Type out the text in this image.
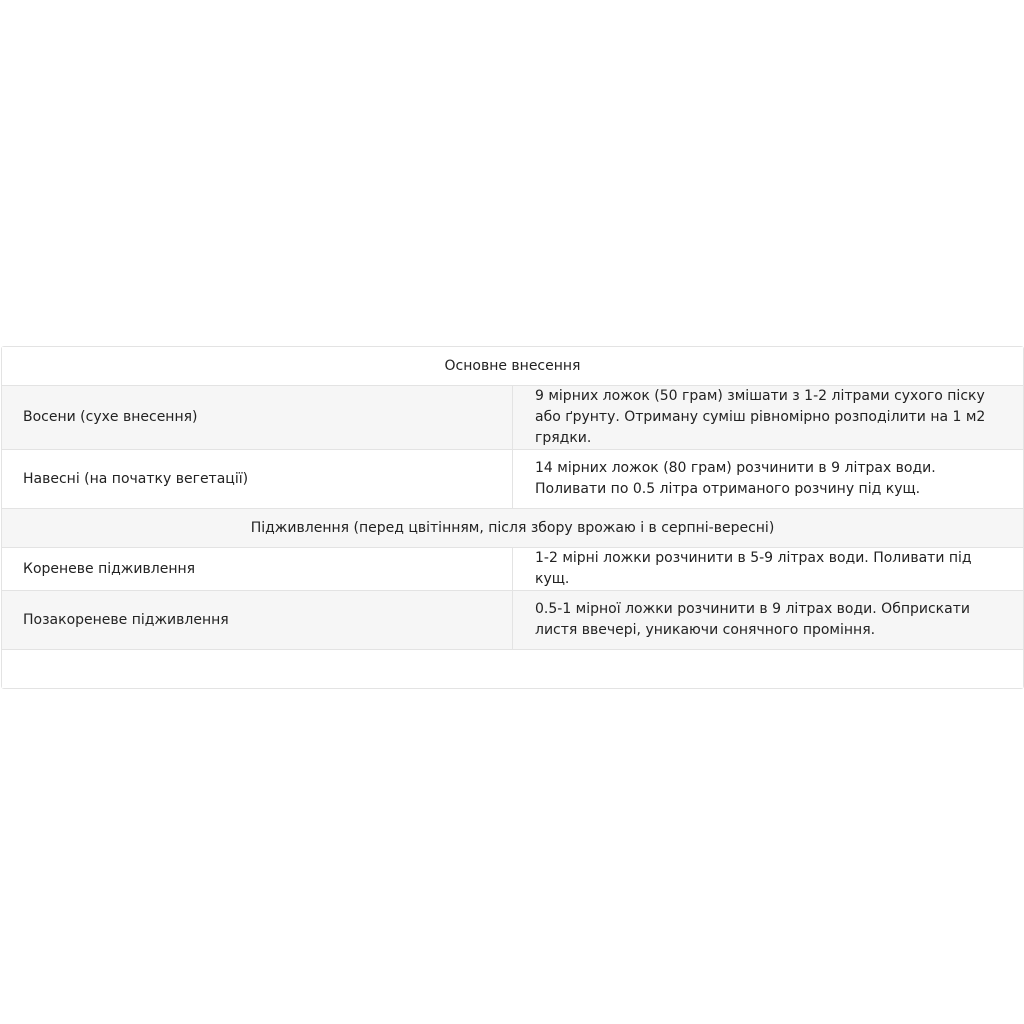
Основне внесення	
Восени (сухе внесення)	9 мірних ложок (50 грам) змішати з 1-2 літрами сухого піску або ґрунту. Отриману суміш рівномірно розподілити на 1 м2 грядки.
Навесні (на початку вегетації)	14 мірних ложок (80 грам) розчинити в 9 літрах води. Поливати по 0.5 літра отриманого розчину під кущ.
Підживлення (перед цвітінням, після збору врожаю і в серпні-вересні)	
Кореневе підживлення	1-2 мірні ложки розчинити в 5-9 літрах води. Поливати під кущ.
Позакореневе підживлення	0.5-1 мірної ложки розчинити в 9 літрах води. Обприскати листя ввечері, уникаючи сонячного проміння.
